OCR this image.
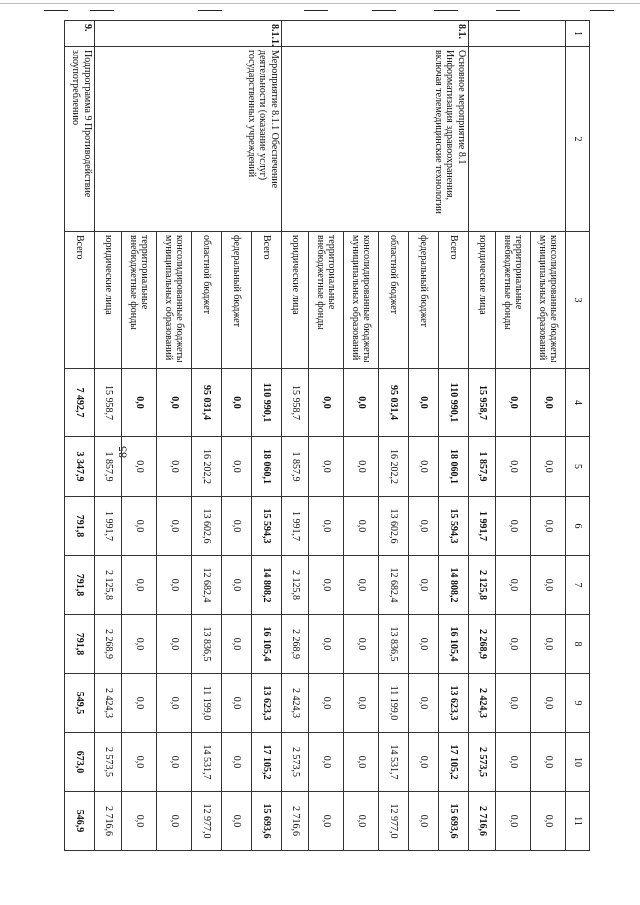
85
1	2	3	4	5	6	7	8	9	10	11
		консолидированные бюджеты муниципальных образований	0,0	0,0	0,0	0,0	0,0	0,0	0,0	0,0
		территориальные внебюджетные фонды	0,0	0,0	0,0	0,0	0,0	0,0	0,0	0,0
		юридические лица	15 958,7	1 857,9	1 991,7	2 125,8	2 268,9	2 424,3	2 573,5	2 716,6
8.1.	Основное мероприятие 8.1 Информатизация здравоохранения, включая телемедицинские технологии	Всего	110 990,1	18 060,1	15 594,3	14 808,2	16 105,4	13 623,3	17 105,2	15 693,6
		федеральный бюджет	0,0	0,0	0,0	0,0	0,0	0,0	0,0	0,0
		областной бюджет	95 031,4	16 202,2	13 602,6	12 682,4	13 836,5	11 199,0	14 531,7	12 977,0
		консолидированные бюджеты муниципальных образований	0,0	0,0	0,0	0,0	0,0	0,0	0,0	0,0
		территориальные внебюджетные фонды	0,0	0,0	0,0	0,0	0,0	0,0	0,0	0,0
		юридические лица	15 958,7	1 857,9	1 991,7	2 125,8	2 268,9	2 424,3	2 573,5	2 716,6
8.1.1.	Мероприятие 8.1.1 Обеспечение деятельности (оказание услуг) государственных учреждений	Всего	110 990,1	18 060,1	15 594,3	14 808,2	16 105,4	13 623,3	17 105,2	15 693,6
		федеральный бюджет	0,0	0,0	0,0	0,0	0,0	0,0	0,0	0,0
		областной бюджет	95 031,4	16 202,2	13 602,6	12 682,4	13 836,5	11 199,0	14 531,7	12 977,0
		консолидированные бюджеты муниципальных образований	0,0	0,0	0,0	0,0	0,0	0,0	0,0	0,0
		территориальные внебюджетные фонды	0,0	0,0	0,0	0,0	0,0	0,0	0,0	0,0
		юридические лица	15 958,7	1 857,9	1 991,7	2 125,8	2 268,9	2 424,3	2 573,5	2 716,6
9.	Подпрограмма 9 Противодействие злоупотреблению	Всего	7 492,7	3 347,9	791,8	791,8	791,8	549,5	673,0	546,9
